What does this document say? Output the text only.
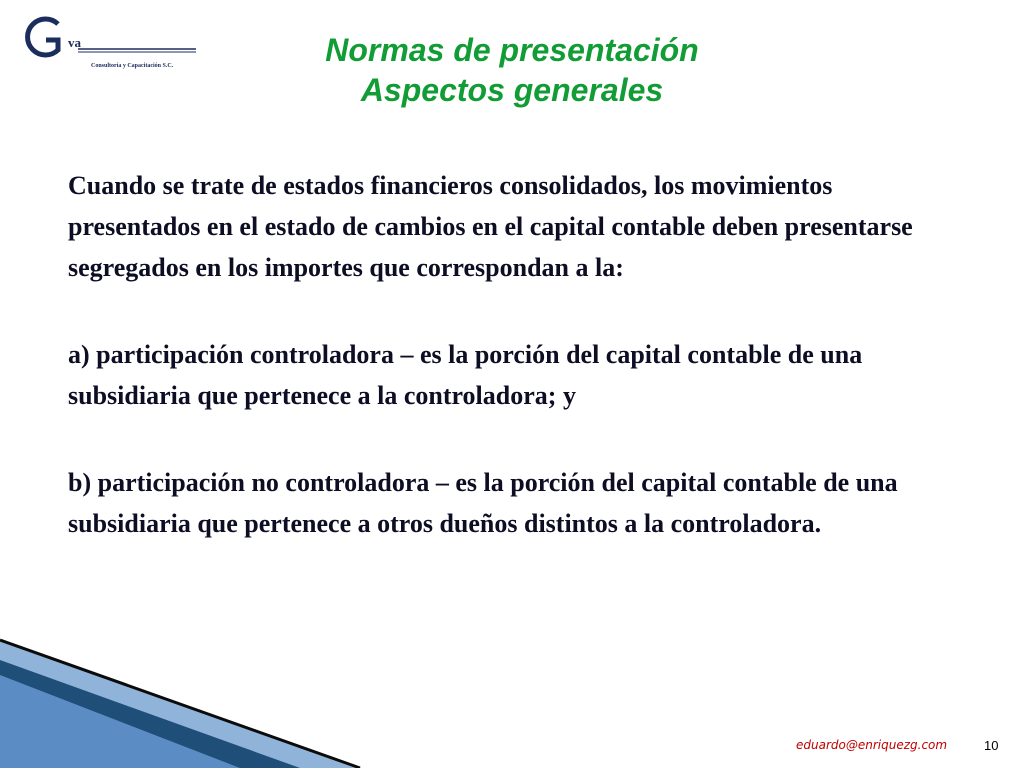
va
Consultoría y Capacitación S.C.	Normas de presentación
Aspectos generales

Cuando se trate de estados financieros consolidados, los movimientos presentados en el estado de cambios en el capital contable deben presentarse segregados en los importes que correspondan a la:

a) participación controladora – es la porción del capital contable de una subsidiaria que pertenece a la controladora; y

b) participación no controladora – es la porción del capital contable de una subsidiaria que pertenece a otros dueños distintos a la controladora.

eduardo@enriquezg.com	10
